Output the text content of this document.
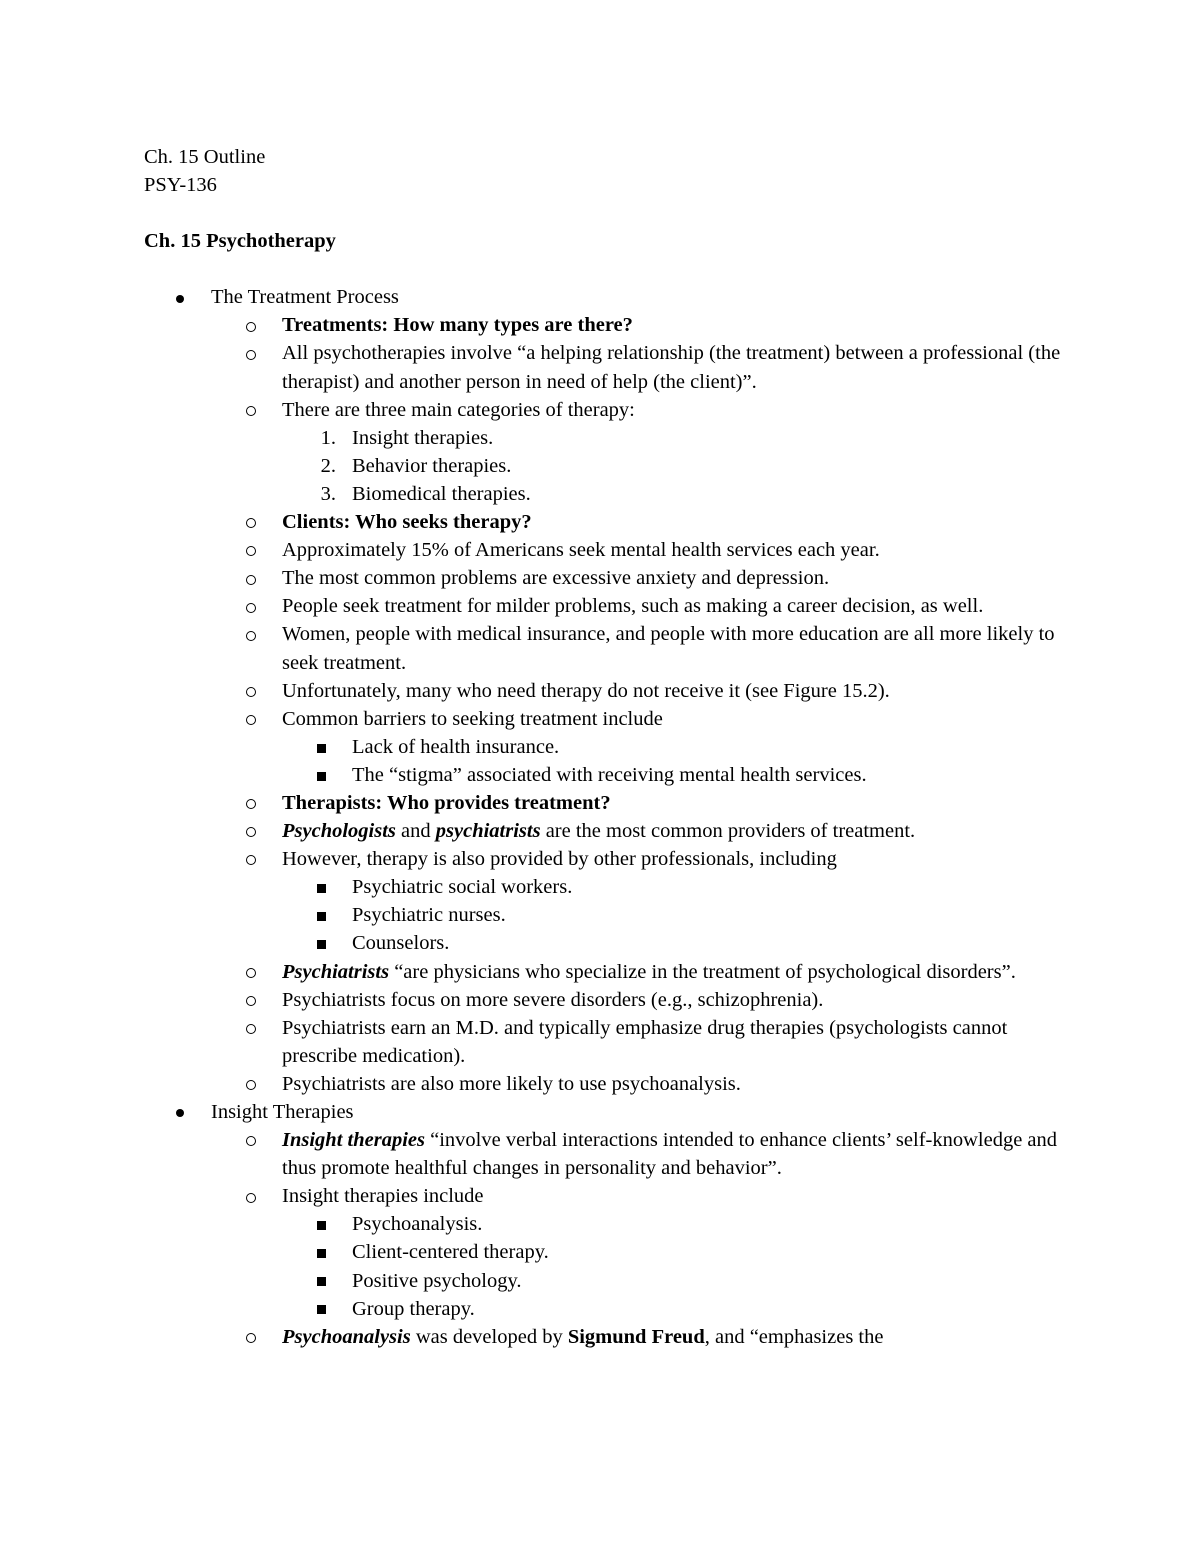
Ch. 15 Outline
PSY-136
Ch. 15 Psychotherapy
The Treatment Process
Treatments: How many types are there?
All psychotherapies involve “a helping relationship (the treatment) between a professional (the therapist) and another person in need of help (the client)”.
There are three main categories of therapy:
1. Insight therapies.
2. Behavior therapies.
3. Biomedical therapies.
Clients: Who seeks therapy?
Approximately 15% of Americans seek mental health services each year.
The most common problems are excessive anxiety and depression.
People seek treatment for milder problems, such as making a career decision, as well.
Women, people with medical insurance, and people with more education are all more likely to seek treatment.
Unfortunately, many who need therapy do not receive it (see Figure 15.2).
Common barriers to seeking treatment include
Lack of health insurance.
The “stigma” associated with receiving mental health services.
Therapists: Who provides treatment?
Psychologists and psychiatrists are the most common providers of treatment.
However, therapy is also provided by other professionals, including
Psychiatric social workers.
Psychiatric nurses.
Counselors.
Psychiatrists “are physicians who specialize in the treatment of psychological disorders”.
Psychiatrists focus on more severe disorders (e.g., schizophrenia).
Psychiatrists earn an M.D. and typically emphasize drug therapies (psychologists cannot prescribe medication).
Psychiatrists are also more likely to use psychoanalysis.
Insight Therapies
Insight therapies “involve verbal interactions intended to enhance clients’ self-knowledge and thus promote healthful changes in personality and behavior”.
Insight therapies include
Psychoanalysis.
Client-centered therapy.
Positive psychology.
Group therapy.
Psychoanalysis was developed by Sigmund Freud, and “emphasizes the
